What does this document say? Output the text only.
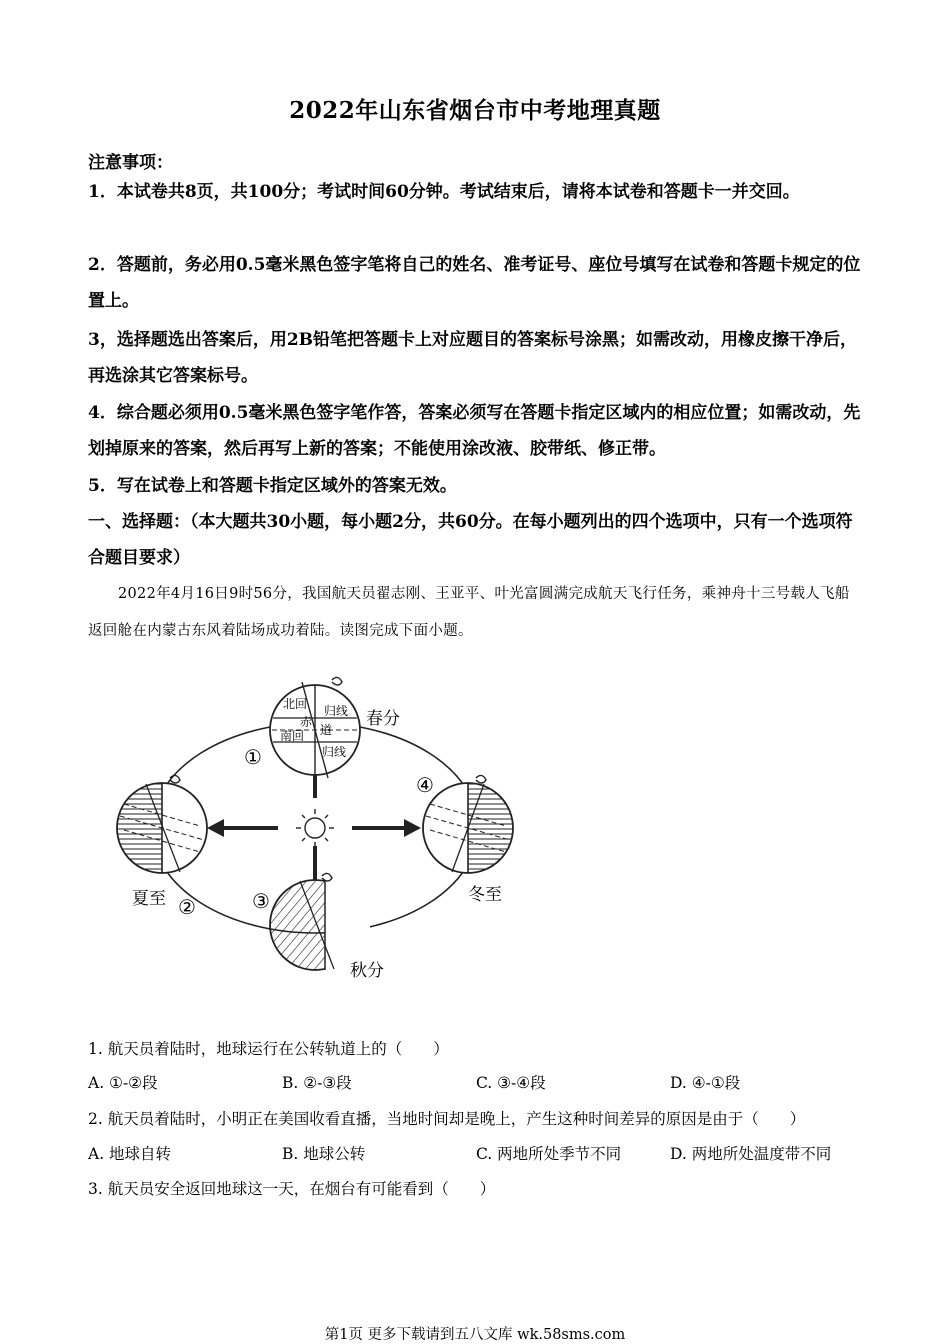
2022年山东省烟台市中考地理真题
注意事项：
1．本试卷共8页，共100分；考试时间60分钟。考试结束后，请将本试卷和答题卡一并交回。
2．答题前，务必用0.5毫米黑色签字笔将自己的姓名、准考证号、座位号填写在试卷和答题卡规定的位置上。
3，选择题选出答案后，用2B铅笔把答题卡上对应题目的答案标号涂黑；如需改动，用橡皮擦干净后，再选涂其它答案标号。
4．综合题必须用0.5毫米黑色签字笔作答，答案必须写在答题卡指定区域内的相应位置；如需改动，先划掉原来的答案，然后再写上新的答案；不能使用涂改液、胶带纸、修正带。
5．写在试卷上和答题卡指定区域外的答案无效。
一、选择题：（本大题共30小题，每小题2分，共60分。在每小题列出的四个选项中，只有一个选项符合题目要求）
2022年4月16日9时56分，我国航天员翟志刚、王亚平、叶光富圆满完成航天飞行任务，乘神舟十三号载人飞船返回舱在内蒙古东风着陆场成功着陆。读图完成下面小题。
北回 归线
赤
道
南回
归线
春分
夏至	冬至
秋分
①
②	③
④
1. 航天员着陆时，地球运行在公转轨道上的（　　）
A. ①-②段	B. ②-③段	C. ③-④段	D. ④-①段
2. 航天员着陆时，小明正在美国收看直播，当地时间却是晚上，产生这种时间差异的原因是由于（　　）
A. 地球自转	B. 地球公转	C. 两地所处季节不同	D. 两地所处温度带不同
3. 航天员安全返回地球这一天，在烟台有可能看到（　　）
第1页 更多下载请到五八文库 wk.58sms.com
